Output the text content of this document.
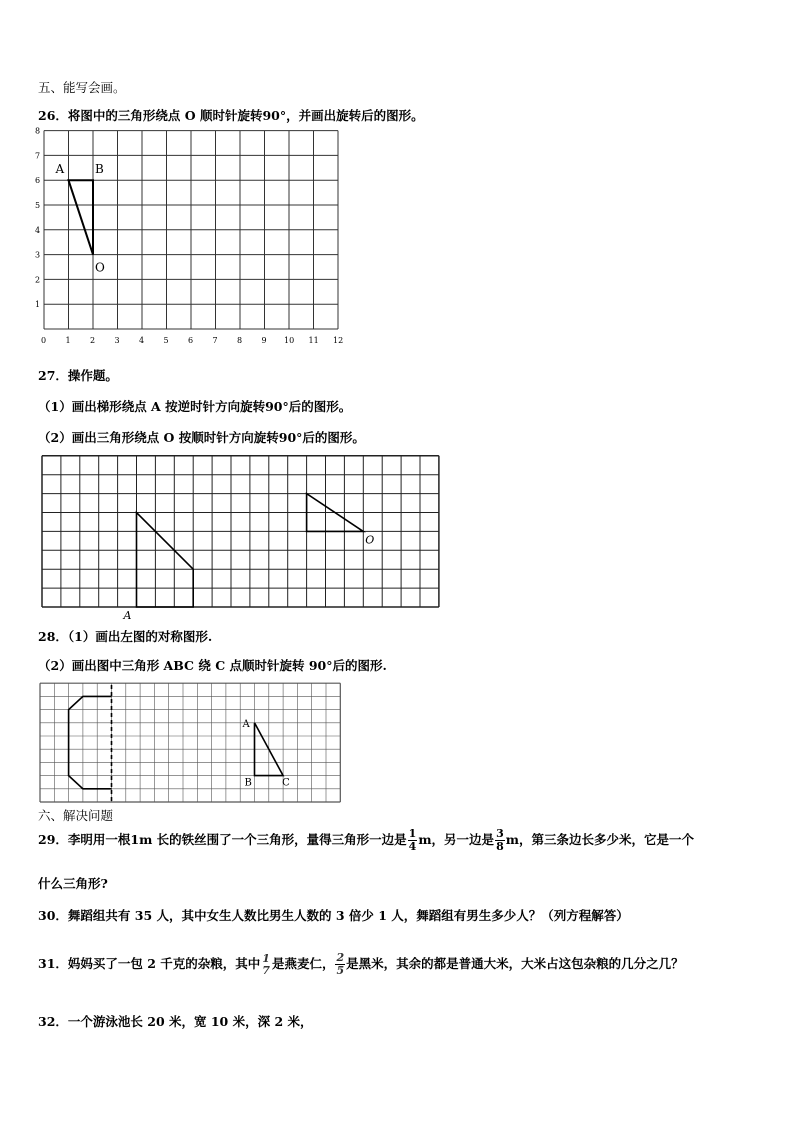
五、能写会画。
26．将图中的三角形绕点 O 顺时针旋转90°，并画出旋转后的图形。
0 1 2 3 4 5 6 7 8 9 10 11 12
1
2
3
4
5
6
7
8
A	B
O
27．操作题。
（1）画出梯形绕点 A 按逆时针方向旋转90°后的图形。
（2）画出三角形绕点 O 按顺时针方向旋转90°后的图形。
A
O
28．（1）画出左图的对称图形.
（2）画出图中三角形 ABC 绕 C 点顺时针旋转 90°后的图形.
A
B	C
六、解决问题
29．李明用一根1m 长的铁丝围了一个三角形，量得三角形一边是 $\frac{1}{4}$ m，另一边是 $\frac{3}{8}$ m，第三条边长多少米，它是一个
什么三角形?
30．舞蹈组共有 35 人，其中女生人数比男生人数的 3 倍少 1 人，舞蹈组有男生多少人？（列方程解答）
31．妈妈买了一包 2 千克的杂粮，其中 1
7 是燕麦仁， $\frac{2}{5}$ 是黑米，其余的都是普通大米，大米占这包杂粮的几分之几？
32．一个游泳池长 20 米，宽 10 米，深 2 米，
